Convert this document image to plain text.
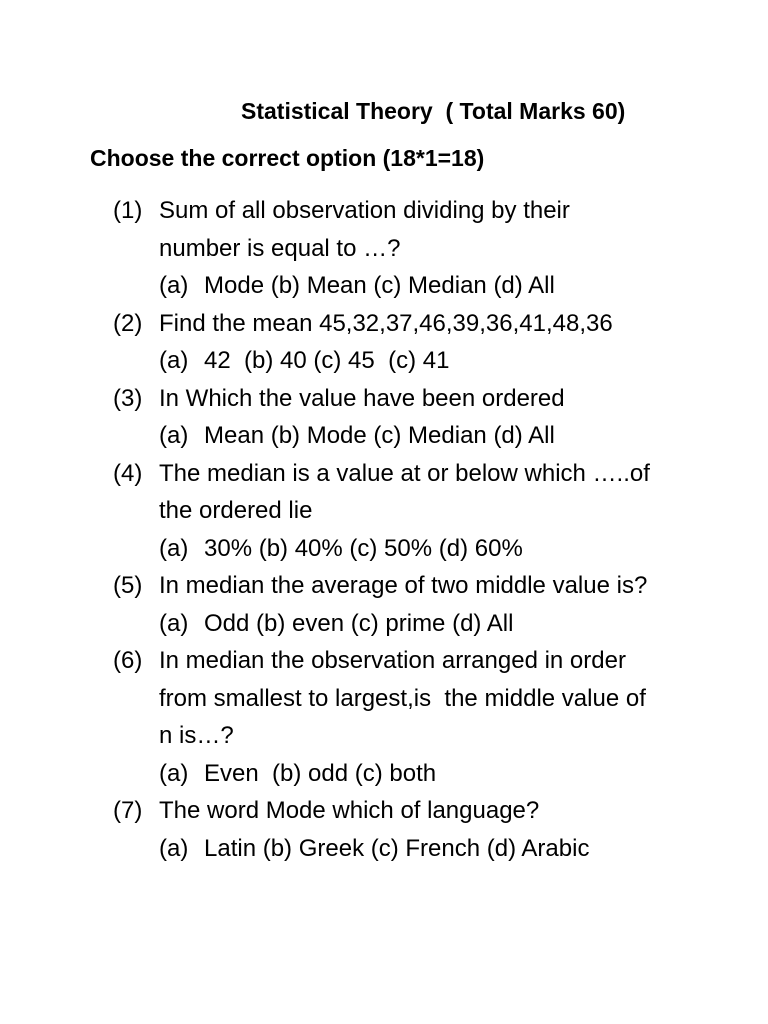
Statistical Theory  ( Total Marks 60)
Choose the correct option (18*1=18)
(1) Sum of all observation dividing by their
number is equal to …?
(a) Mode (b) Mean (c) Median (d) All
(2) Find the mean 45,32,37,46,39,36,41,48,36
(a) 42  (b) 40 (c) 45  (c) 41
(3) In Which the value have been ordered
(a) Mean (b) Mode (c) Median (d) All
(4) The median is a value at or below which …..of
the ordered lie
(a) 30% (b) 40% (c) 50% (d) 60%
(5) In median the average of two middle value is?
(a) Odd (b) even (c) prime (d) All
(6) In median the observation arranged in order
from smallest to largest,is  the middle value of
n is…?
(a) Even  (b) odd (c) both
(7) The word Mode which of language?
(a) Latin (b) Greek (c) French (d) Arabic
